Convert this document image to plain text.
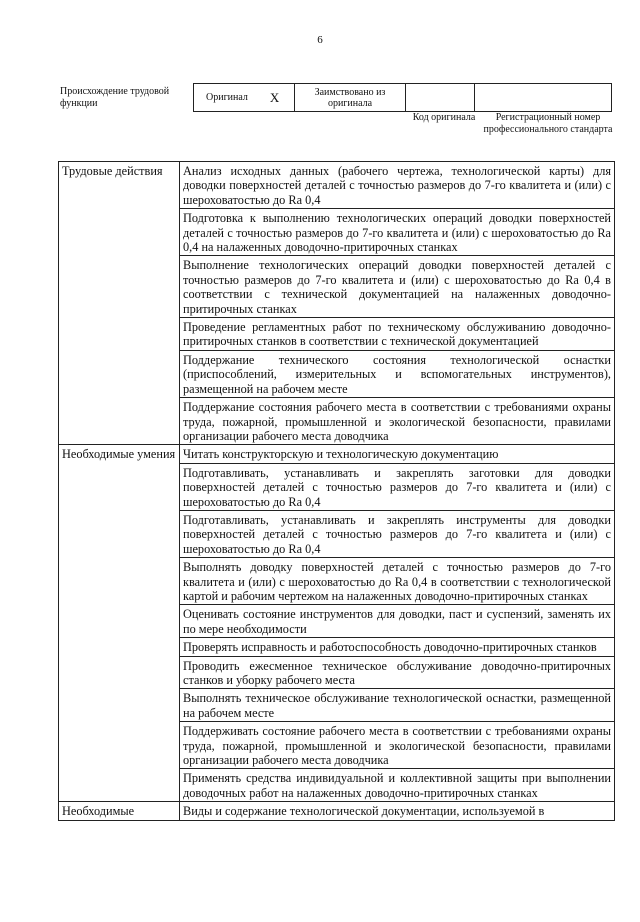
6
Происхождение трудовой функции
Оригинал X	Заимствовано из оригинала		
Код оригинала	Регистрационный номер профессионального стандарта
Трудовые действия	Анализ исходных данных (рабочего чертежа, технологической карты) для доводки поверхностей деталей с точностью размеров до 7-го квалитета и (или) с шероховатостью до Ra 0,4
	Подготовка к выполнению технологических операций доводки поверхностей деталей с точностью размеров до 7-го квалитета и (или) с шероховатостью до Ra 0,4 на налаженных доводочно-притирочных станках
	Выполнение технологических операций доводки поверхностей деталей с точностью размеров до 7-го квалитета и (или) с шероховатостью до Ra 0,4 в соответствии с технической документацией на налаженных доводочно-притирочных станках
	Проведение регламентных работ по техническому обслуживанию доводочно-притирочных станков в соответствии с технической документацией
	Поддержание технического состояния технологической оснастки (приспособлений, измерительных и вспомогательных инструментов), размещенной на рабочем месте
	Поддержание состояния рабочего места в соответствии с требованиями охраны труда, пожарной, промышленной и экологической безопасности, правилами организации рабочего места доводчика
Необходимые умения	Читать конструкторскую и технологическую документацию
	Подготавливать, устанавливать и закреплять заготовки для доводки поверхностей деталей с точностью размеров до 7-го квалитета и (или) с шероховатостью до Ra 0,4
	Подготавливать, устанавливать и закреплять инструменты для доводки поверхностей деталей с точностью размеров до 7-го квалитета и (или) с шероховатостью до Ra 0,4
	Выполнять доводку поверхностей деталей с точностью размеров до 7-го квалитета и (или) с шероховатостью до Ra 0,4 в соответствии с технологической картой и рабочим чертежом на налаженных доводочно-притирочных станках
	Оценивать состояние инструментов для доводки, паст и суспензий, заменять их по мере необходимости
	Проверять исправность и работоспособность доводочно-притирочных станков
	Проводить ежесменное техническое обслуживание доводочно-притирочных станков и уборку рабочего места
	Выполнять техническое обслуживание технологической оснастки, размещенной на рабочем месте
	Поддерживать состояние рабочего места в соответствии с требованиями охраны труда, пожарной, промышленной и экологической безопасности, правилами организации рабочего места доводчика
	Применять средства индивидуальной и коллективной защиты при выполнении доводочных работ на налаженных доводочно-притирочных станках
Необходимые	Виды и содержание технологической документации, используемой в
